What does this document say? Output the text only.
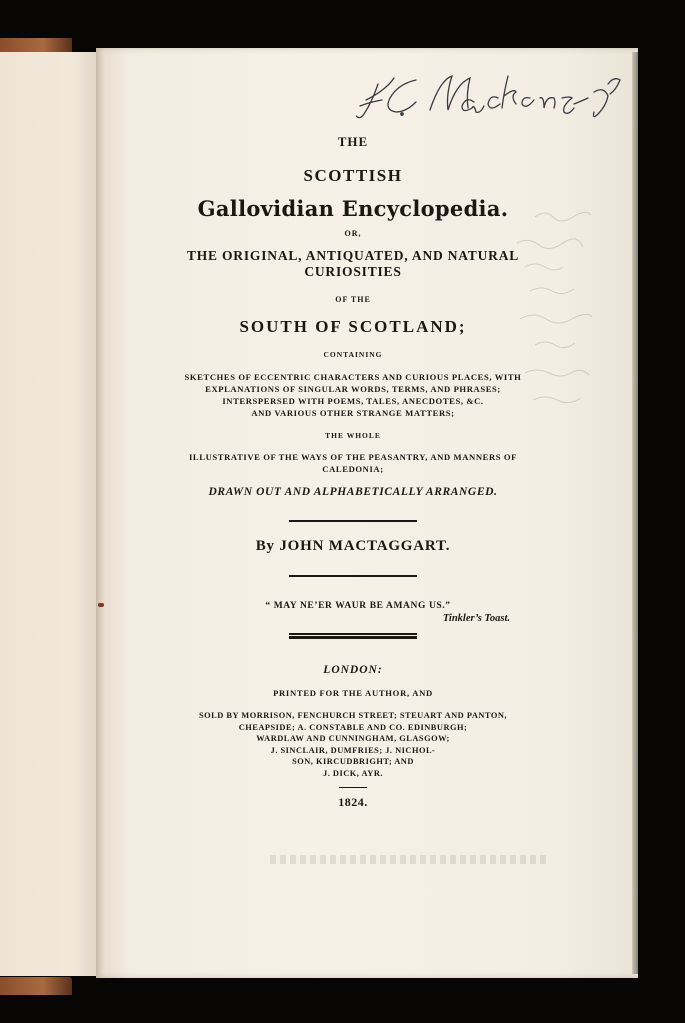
THE
SCOTTISH
Gallovidian Encyclopedia.
OR,
THE ORIGINAL, ANTIQUATED, AND NATURAL
CURIOSITIES
OF THE
SOUTH OF SCOTLAND;
CONTAINING
SKETCHES OF ECCENTRIC CHARACTERS AND CURIOUS PLACES, WITH
EXPLANATIONS OF SINGULAR WORDS, TERMS, AND PHRASES;
INTERSPERSED WITH POEMS, TALES, ANECDOTES, &C.
AND VARIOUS OTHER STRANGE MATTERS;
THE WHOLE
ILLUSTRATIVE OF THE WAYS OF THE PEASANTRY, AND MANNERS OF
CALEDONIA;
DRAWN OUT AND ALPHABETICALLY ARRANGED.
By JOHN MACTAGGART.
“ MAY NE’ER WAUR BE AMANG US.”
Tinkler’s Toast.
LONDON:
PRINTED FOR THE AUTHOR, AND
SOLD BY MORRISON, FENCHURCH STREET; STEUART AND PANTON,
CHEAPSIDE; A. CONSTABLE AND CO. EDINBURGH;
WARDLAW AND CUNNINGHAM, GLASGOW;
J. SINCLAIR, DUMFRIES; J. NICHOL-
SON, KIRCUDBRIGHT; AND
J. DICK, AYR.
1824.
